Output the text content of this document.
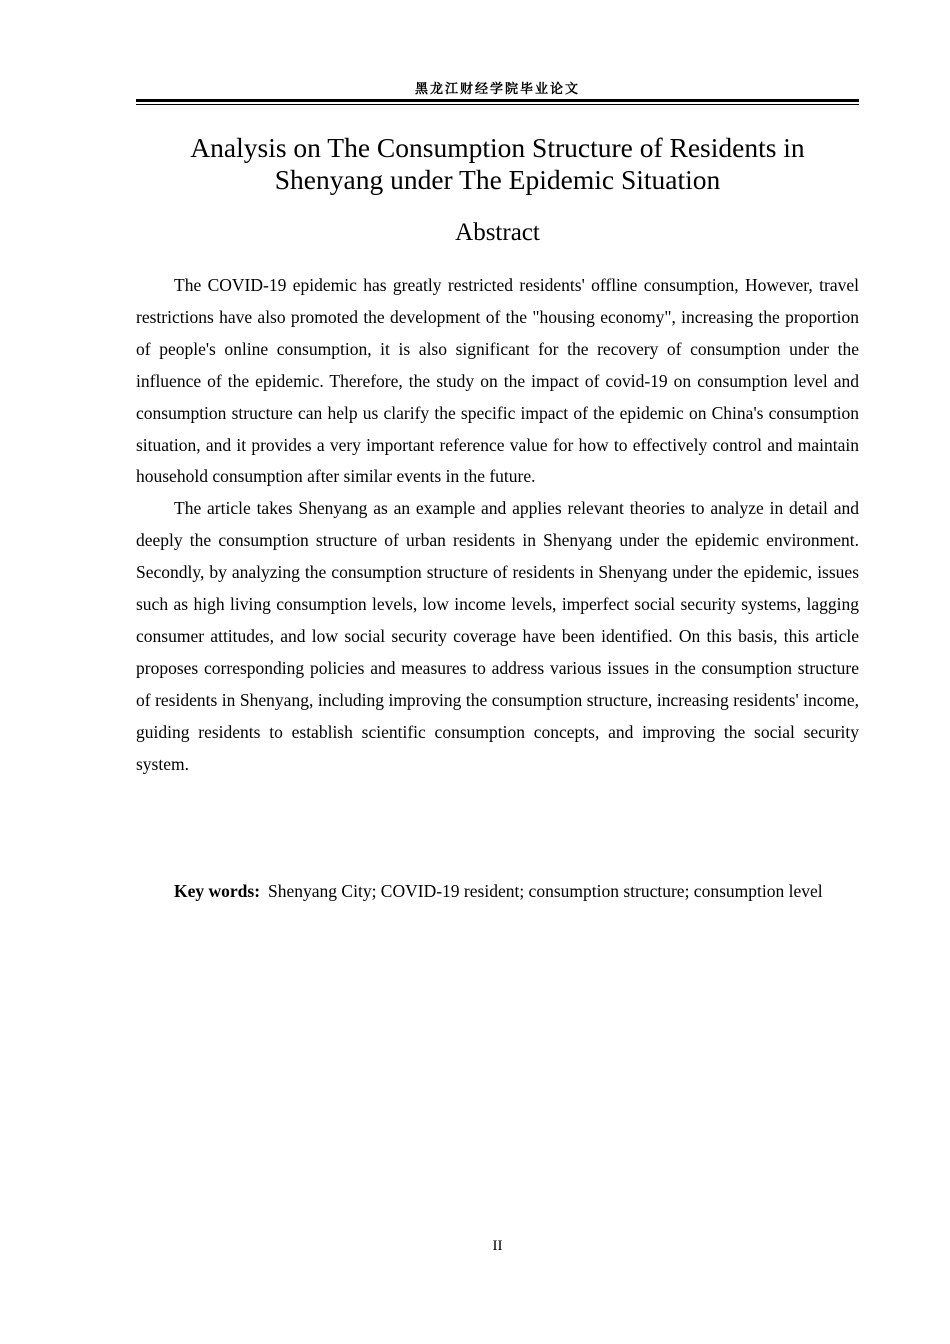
黑龙江财经学院毕业论文
Analysis on The Consumption Structure of Residents in
Shenyang under The Epidemic Situation
Abstract

The COVID-19 epidemic has greatly restricted residents' offline consumption, However, travel restrictions have also promoted the development of the "housing economy", increasing the proportion of people's online consumption, it is also significant for the recovery of consumption under the influence of the epidemic. Therefore, the study on the impact of covid-19 on consumption level and consumption structure can help us clarify the specific impact of the epidemic on China's consumption situation, and it provides a very important reference value for how to effectively control and maintain household consumption after similar events in the future.

The article takes Shenyang as an example and applies relevant theories to analyze in detail and deeply the consumption structure of urban residents in Shenyang under the epidemic environment. Secondly, by analyzing the consumption structure of residents in Shenyang under the epidemic, issues such as high living consumption levels, low income levels, imperfect social security systems, lagging consumer attitudes, and low social security coverage have been identified. On this basis, this article proposes corresponding policies and measures to address various issues in the consumption structure of residents in Shenyang, including improving the consumption structure, increasing residents' income, guiding residents to establish scientific consumption concepts, and improving the social security system.

Key words: Shenyang City; COVID-19 resident; consumption structure; consumption level
II
